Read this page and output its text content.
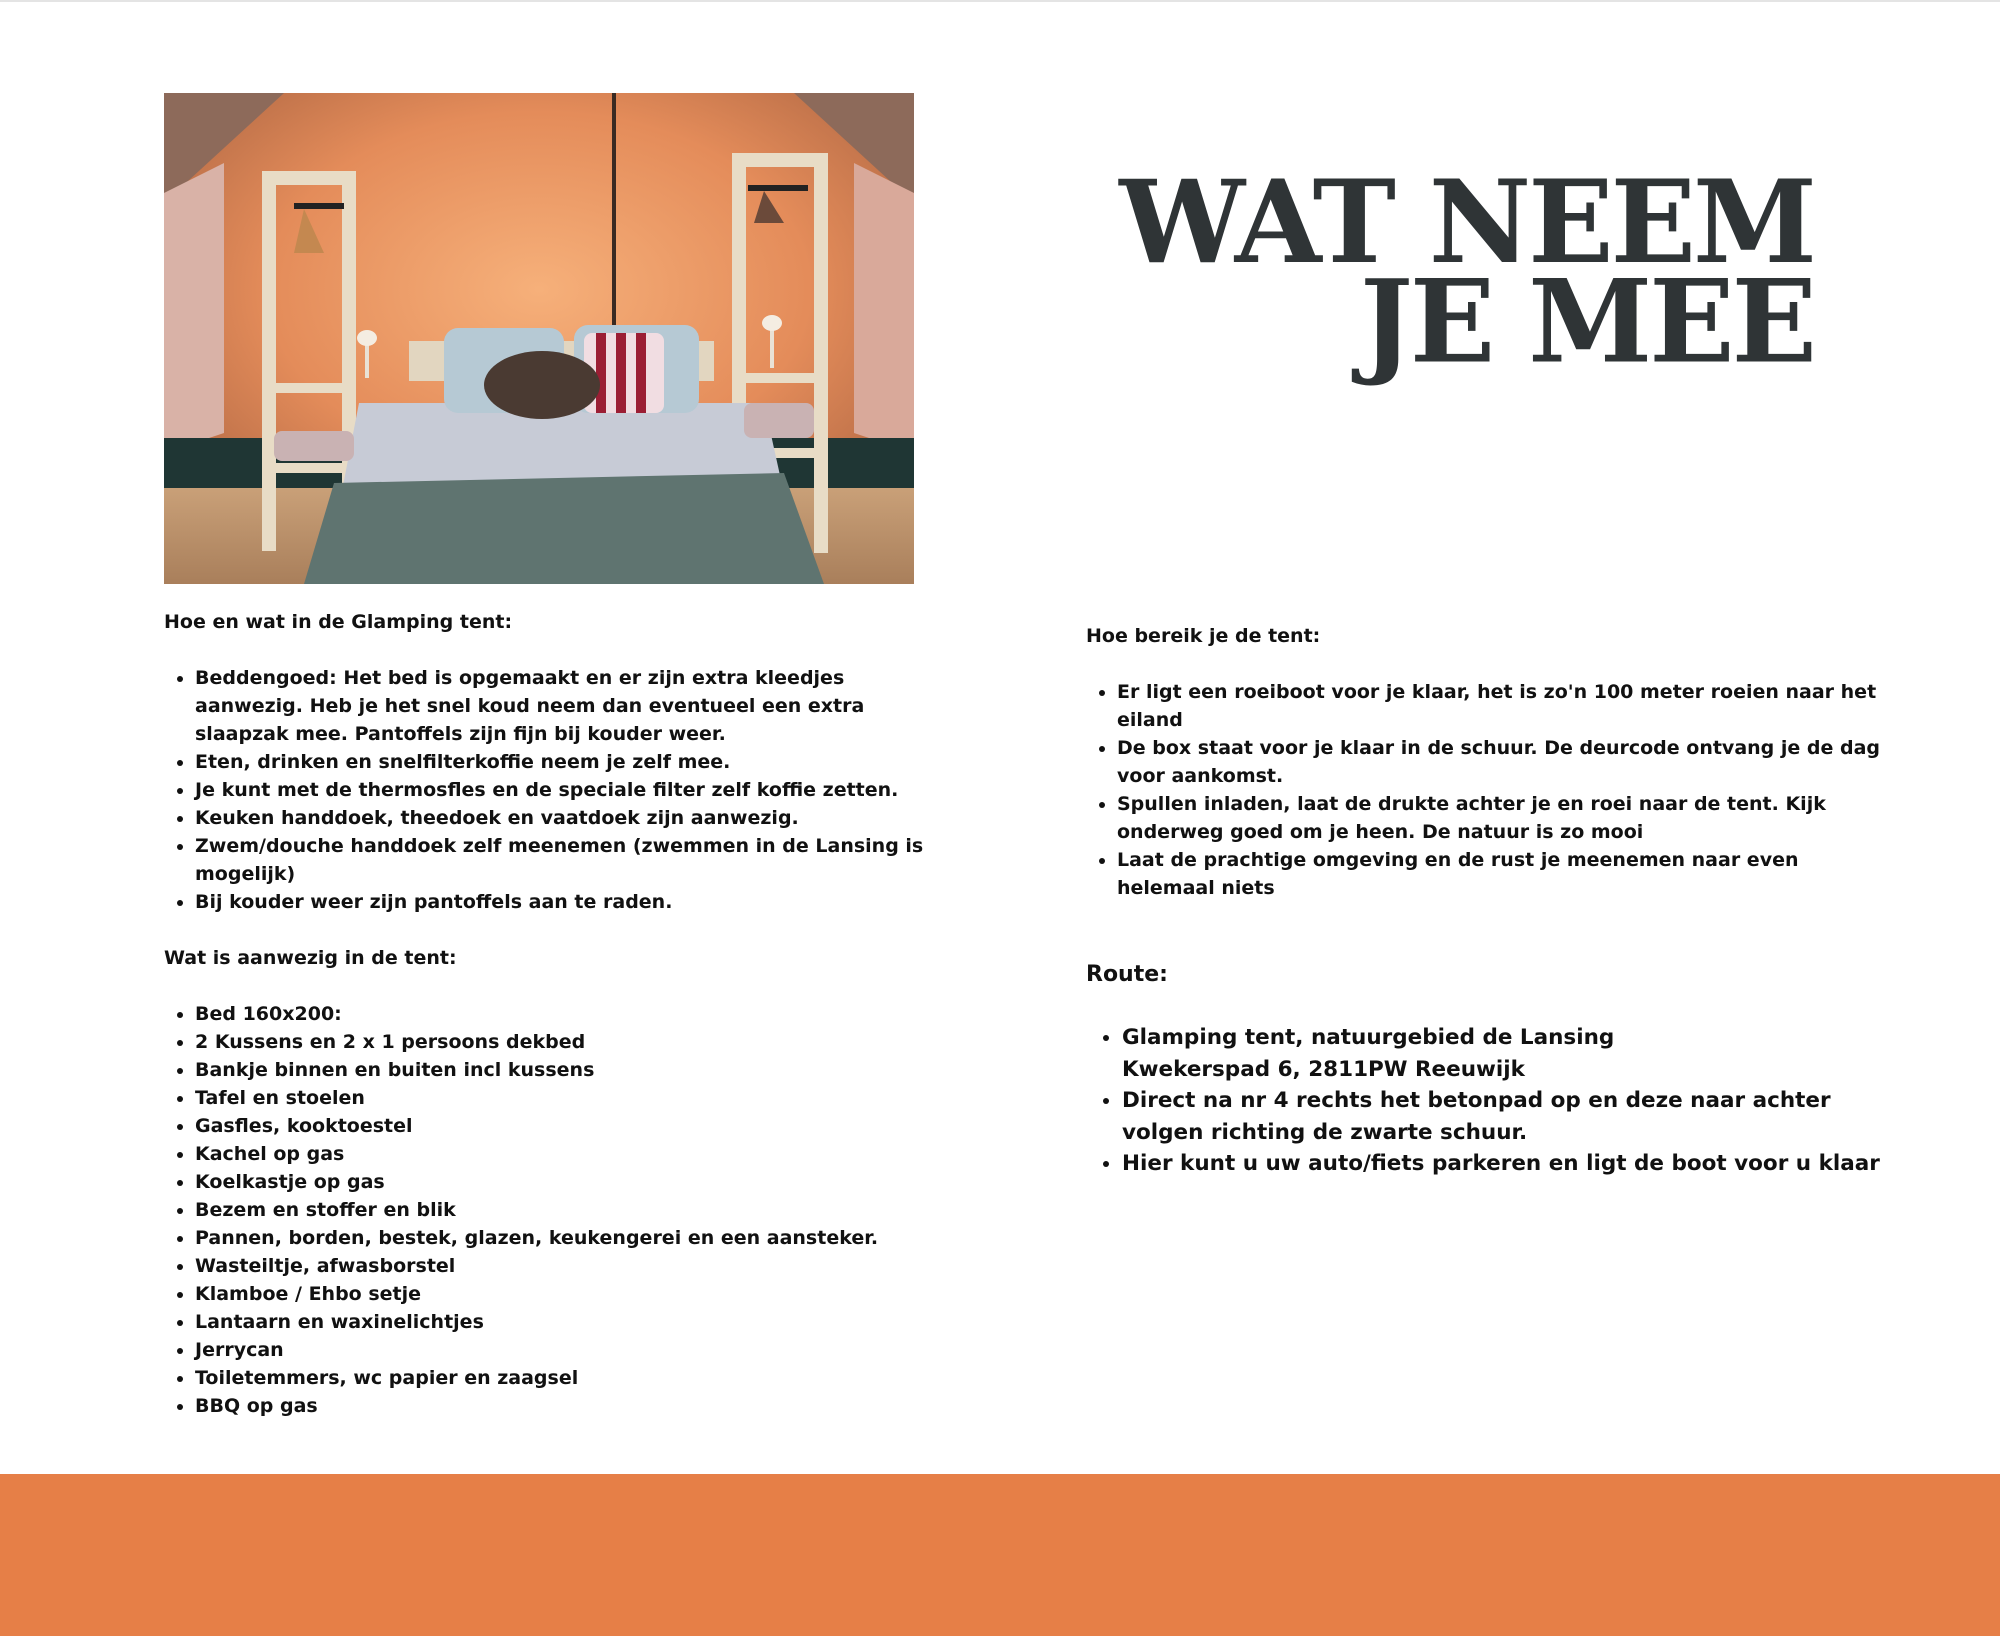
WAT NEEM
JE MEE

Hoe en wat in de Glamping tent:

• Beddengoed: Het bed is opgemaakt en er zijn extra kleedjes aanwezig. Heb je het snel koud neem dan eventueel een extra slaapzak mee. Pantoffels zijn fijn bij kouder weer.
• Eten, drinken en snelfilterkoffie neem je zelf mee.
• Je kunt met de thermosfles en de speciale filter zelf koffie zetten.
• Keuken handdoek, theedoek en vaatdoek zijn aanwezig.
• Zwem/douche handdoek zelf meenemen (zwemmen in de Lansing is mogelijk)
• Bij kouder weer zijn pantoffels aan te raden.

Wat is aanwezig in de tent:

• Bed 160x200:
• 2 Kussens en 2 x 1 persoons dekbed
• Bankje binnen en buiten incl kussens
• Tafel en stoelen
• Gasfles, kooktoestel
• Kachel op gas
• Koelkastje op gas
• Bezem en stoffer en blik
• Pannen, borden, bestek, glazen, keukengerei en een aansteker.
• Wasteiltje, afwasborstel
• Klamboe / Ehbo setje
• Lantaarn en waxinelichtjes
• Jerrycan
• Toiletemmers, wc papier en zaagsel
• BBQ op gas

Hoe bereik je de tent:

• Er ligt een roeiboot voor je klaar, het is zo'n 100 meter roeien naar het eiland
• De box staat voor je klaar in de schuur. De deurcode ontvang je de dag voor aankomst.
• Spullen inladen, laat de drukte achter je en roei naar de tent. Kijk onderweg goed om je heen. De natuur is zo mooi
• Laat de prachtige omgeving en de rust je meenemen naar even helemaal niets

Route:

• Glamping tent, natuurgebied de Lansing
Kwekerspad 6, 2811PW Reeuwijk
• Direct na nr 4 rechts het betonpad op en deze naar achter volgen richting de zwarte schuur.
• Hier kunt u uw auto/fiets parkeren en ligt de boot voor u klaar
